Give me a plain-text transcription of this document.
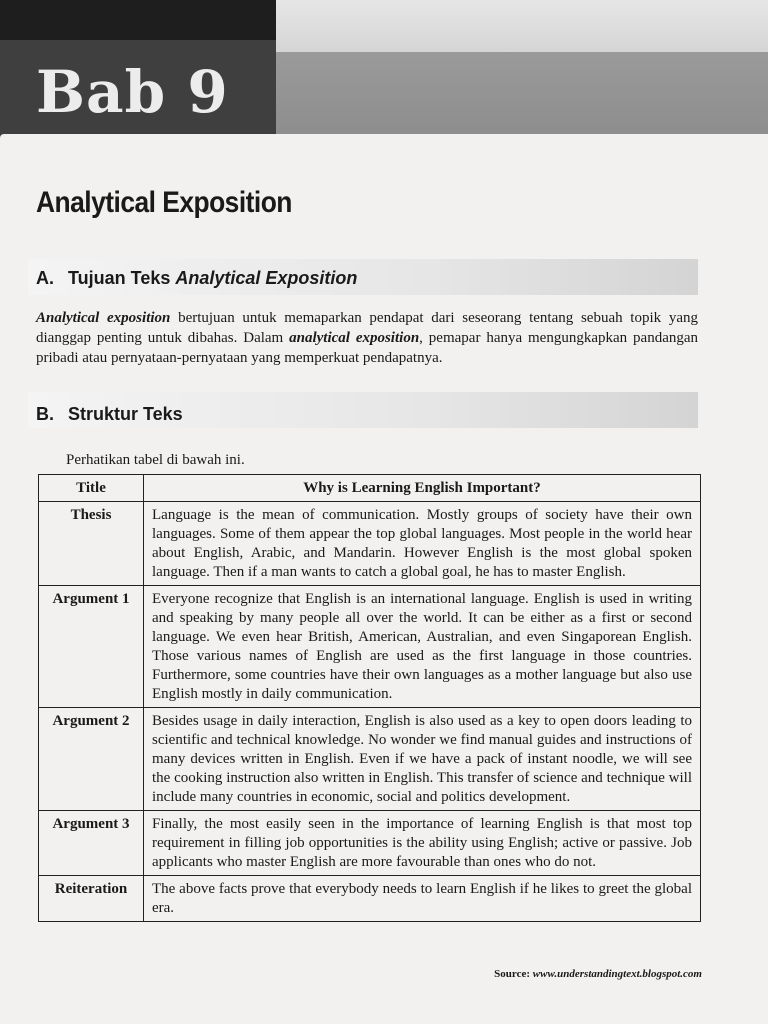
Bab 9
Analytical Exposition
A. Tujuan Teks Analytical Exposition
Analytical exposition bertujuan untuk memaparkan pendapat dari seseorang tentang sebuah topik yang dianggap penting untuk dibahas. Dalam analytical exposition, pemapar hanya mengungkapkan pandangan pribadi atau pernyataan-pernyataan yang memperkuat pendapatnya.
B. Struktur Teks
Perhatikan tabel di bawah ini.
Title	Why is Learning English Important?
Thesis	Language is the mean of communication. Mostly groups of society have their own languages. Some of them appear the top global languages. Most people in the world hear about English, Arabic, and Mandarin. However English is the most global spoken language. Then if a man wants to catch a global goal, he has to master English.
Argument 1	Everyone recognize that English is an international language. English is used in writing and speaking by many people all over the world. It can be either as a first or second language. We even hear British, American, Australian, and even Singaporean English. Those various names of English are used as the first language in those countries. Furthermore, some countries have their own languages as a mother language but also use English mostly in daily communication.
Argument 2	Besides usage in daily interaction, English is also used as a key to open doors leading to scientific and technical knowledge. No wonder we find manual guides and instructions of many devices written in English. Even if we have a pack of instant noodle, we will see the cooking instruction also written in English. This transfer of science and technique will include many countries in economic, social and politics development.
Argument 3	Finally, the most easily seen in the importance of learning English is that most top requirement in filling job opportunities is the ability using English; active or passive. Job applicants who master English are more favourable than ones who do not.
Reiteration	The above facts prove that everybody needs to learn English if he likes to greet the global era.
Source: www.understandingtext.blogspot.com
